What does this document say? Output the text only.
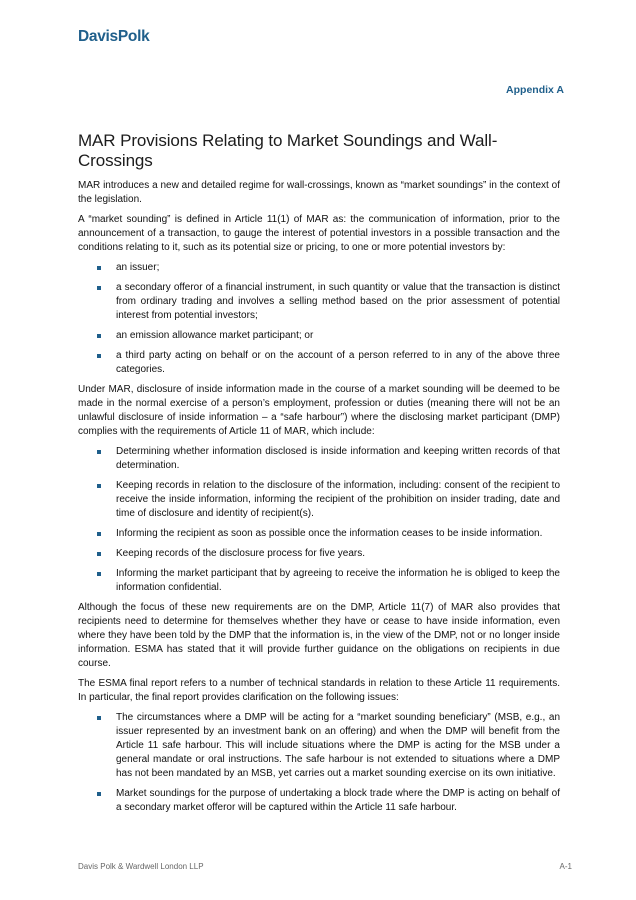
DavisPolk
Appendix A
MAR Provisions Relating to Market Soundings and Wall-Crossings

MAR introduces a new and detailed regime for wall-crossings, known as “market soundings” in the context of the legislation.

A “market sounding” is defined in Article 11(1) of MAR as: the communication of information, prior to the announcement of a transaction, to gauge the interest of potential investors in a possible transaction and the conditions relating to it, such as its potential size or pricing, to one or more potential investors by:

an issuer;
a secondary offeror of a financial instrument, in such quantity or value that the transaction is distinct from ordinary trading and involves a selling method based on the prior assessment of potential interest from potential investors;
an emission allowance market participant; or
a third party acting on behalf or on the account of a person referred to in any of the above three categories.

Under MAR, disclosure of inside information made in the course of a market sounding will be deemed to be made in the normal exercise of a person’s employment, profession or duties (meaning there will not be an unlawful disclosure of inside information – a “safe harbour”) where the disclosing market participant (DMP) complies with the requirements of Article 11 of MAR, which include:

Determining whether information disclosed is inside information and keeping written records of that determination.
Keeping records in relation to the disclosure of the information, including: consent of the recipient to receive the inside information, informing the recipient of the prohibition on insider trading, date and time of disclosure and identity of recipient(s).
Informing the recipient as soon as possible once the information ceases to be inside information.
Keeping records of the disclosure process for five years.
Informing the market participant that by agreeing to receive the information he is obliged to keep the information confidential.

Although the focus of these new requirements are on the DMP, Article 11(7) of MAR also provides that recipients need to determine for themselves whether they have or cease to have inside information, even where they have been told by the DMP that the information is, in the view of the DMP, not or no longer inside information. ESMA has stated that it will provide further guidance on the obligations on recipients in due course.

The ESMA final report refers to a number of technical standards in relation to these Article 11 requirements. In particular, the final report provides clarification on the following issues:

The circumstances where a DMP will be acting for a “market sounding beneficiary” (MSB, e.g., an issuer represented by an investment bank on an offering) and when the DMP will benefit from the Article 11 safe harbour. This will include situations where the DMP is acting for the MSB under a general mandate or oral instructions. The safe harbour is not extended to situations where a DMP has not been mandated by an MSB, yet carries out a market sounding exercise on its own initiative.
Market soundings for the purpose of undertaking a block trade where the DMP is acting on behalf of a secondary market offeror will be captured within the Article 11 safe harbour.
Davis Polk & Wardwell London LLP	A-1
